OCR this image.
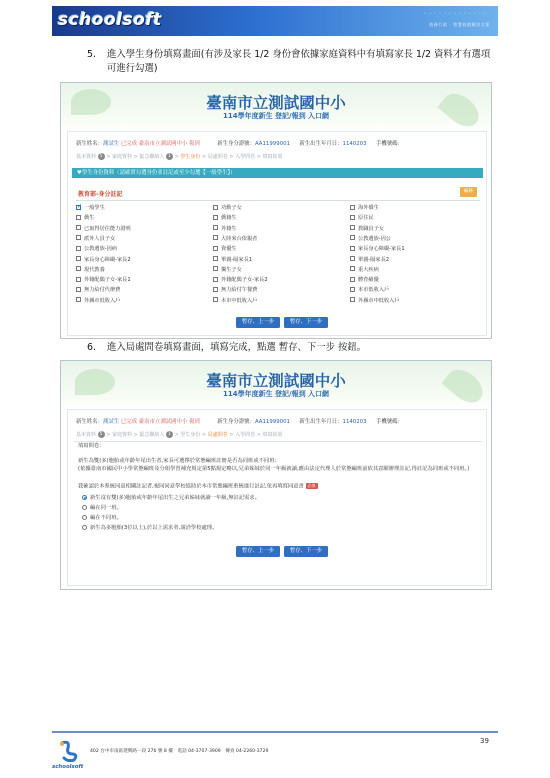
schoolsoft	◦◦◦◦◦◦◦◦◦◦◦◦◦
校務行政 · 智慧校園解決方案
5. 進入學生身份填寫畫面(有涉及家長 1/2 身份會依據家庭資料中有填寫家長 1/2 資料才有選項可進行勾選)
臺南市立測試國中小
114學年度新生 登記/報到 入口網
新生姓名：測試生 已完成 臺南市立測試國中小 報到	新生身分證號：AA11999001 新生出生年月日：1140203 手機號碼：
基本資料 5 > 家庭資料 > 緊急聯絡人 1 > 學生身份 > 局處問卷 > 入學問卷 > 填寫結果
♥學生身份資料（請確實勾選身份並註記或至少勾選【一般學生】）
教育部-身分註記	編修
✓一般學生	功勳子女	海外僑生
僑生	僑籍生	原住民
已取得居住能力證明	外籍生	教職員子女
派外人員子女	大陸來台依親者	公教遺族-因公
公教遺族-因病	資優生	家長身心障礙-家長1
家長身心障礙-家長2	單親-隔家長1	單親-隔家長2
現代教養	獨生子女	重大疾病
外籍配偶子女-家長1	外籍配偶子女-家長2	體育績優
無力給付代辦費	無力給付午餐費	本市低收入戶
外縣市低收入戶	本市中低收入戶	外縣市中低收入戶
暫存、上一步	暫存、下一步
6. 進入局處問卷填寫畫面，填寫完成，點選 暫存、下一步 按鈕。
臺南市立測試國中小
114學年度新生 登記/報到 入口網
新生姓名：測試生 已完成 臺南市立測試國中小 報到	新生身分證號：AA11999001 新生出生年月日：1140203 手機號碼：
基本資料 5 > 家庭資料 > 緊急聯絡人 1 > 學生身份 > 局處問卷 > 入學問卷 > 填寫結果
填寫問卷：
新生為雙(多)胞胎或年齡年尾出生者,家長可選擇於常態編班註冊是否為同班或不同班:
(依據臺南市國民中小學常態編班及分組學習補充規定第5點規定略以,兄弟姊妹於同一年級就讀,應由法定代理人於常態編班前依其意願辦理註記,得註記為同班或不同班。)
我確認於本系統同意相關註記者,視同同意學校協助於本市常態編班系統進行註記,免再填寫同意書 必填
新生沒有雙(多)胞胎或年齡年尾出生之兄弟姊妹就讀一年級,無註記需求。
編在同一班。
編在不同班。
新生為多胞胎(3位以上),於以上需求者,請洽學校處理。
暫存、上一步	暫存、下一步
39
schoolsoft
402 台中市南區建興路一段 276 號 8 樓　電話 04-3707-3909　傳真 04-2260-3729
